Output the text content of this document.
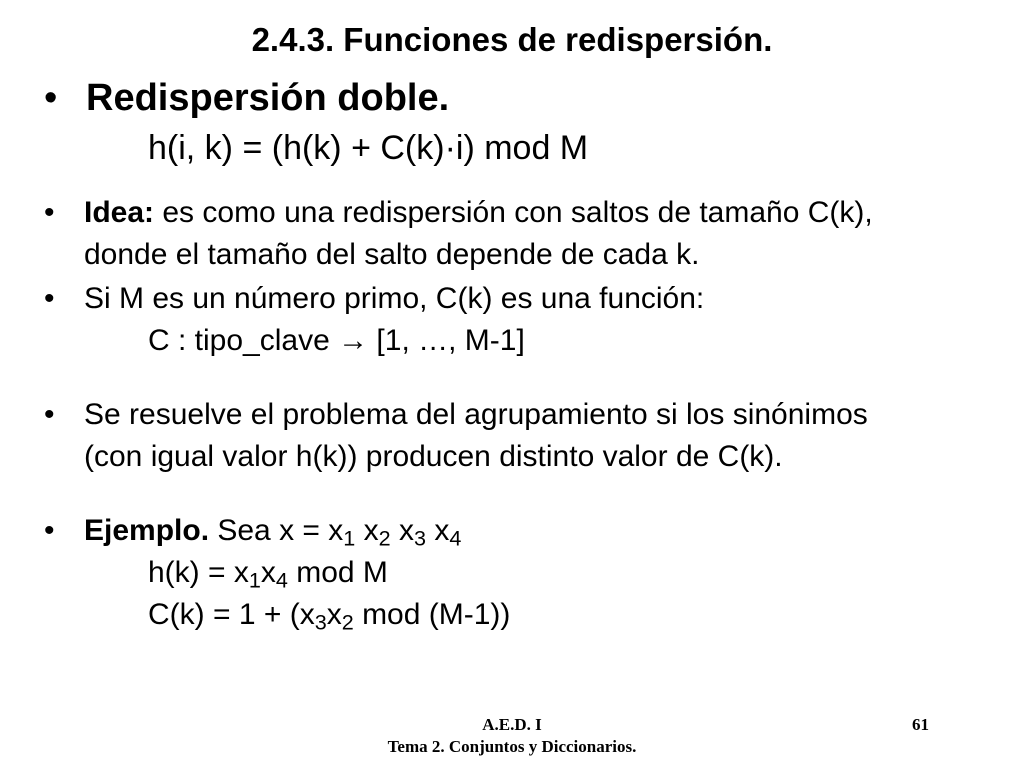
2.4.3. Funciones de redispersión.
• Redispersión doble.
h(i, k) = (h(k) + C(k)·i) mod M
• Idea: es como una redispersión con saltos de tamaño C(k),
donde el tamaño del salto depende de cada k.
• Si M es un número primo, C(k) es una función:
C : tipo_clave → [1, …, M-1]
• Se resuelve el problema del agrupamiento si los sinónimos
(con igual valor h(k)) producen distinto valor de C(k).
• Ejemplo. Sea $x = x_1$ $x_2$ $x_3$ $x_4$
$h(k) = x_1x_4$ mod M
$C(k) = 1 + (x_3x_2$ mod (M-1))
A.E.D. I
Tema 2. Conjuntos y Diccionarios.
61
